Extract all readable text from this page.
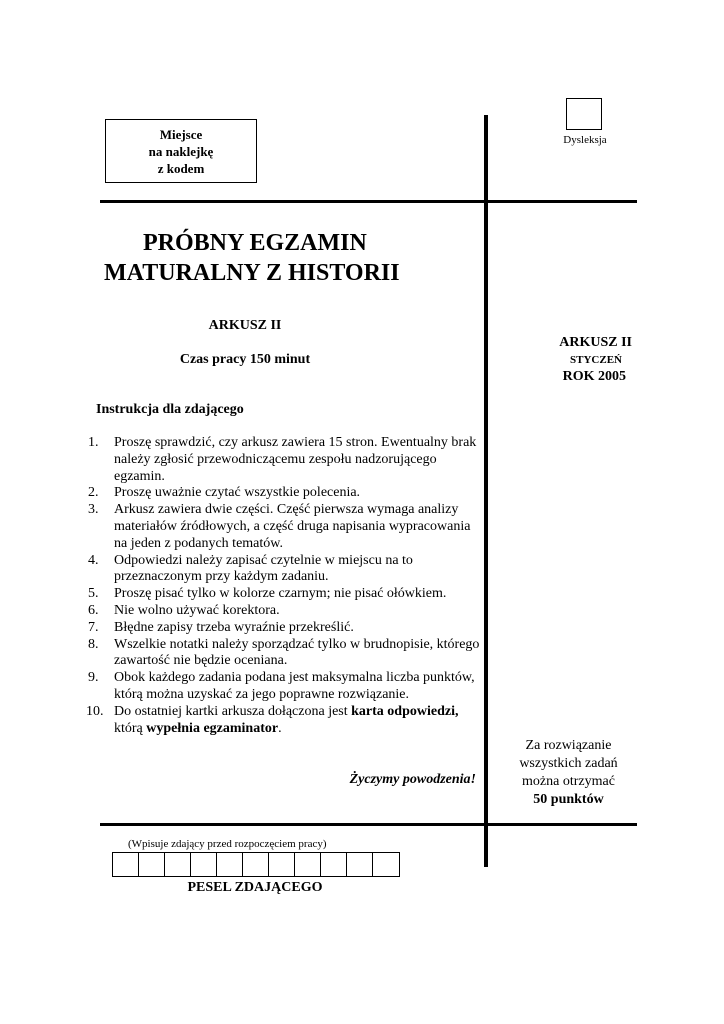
Miejsce
na naklejkę
z kodem
Dysleksja
PRÓBNY EGZAMIN
MATURALNY Z HISTORII
ARKUSZ II
Czas pracy 150 minut
Instrukcja dla zdającego
1. Proszę sprawdzić, czy arkusz zawiera 15 stron. Ewentualny brak należy zgłosić przewodniczącemu zespołu nadzorującego egzamin.
2. Proszę uważnie czytać wszystkie polecenia.
3. Arkusz zawiera dwie części. Część pierwsza wymaga analizy materiałów źródłowych, a część druga napisania wypracowania na jeden z podanych tematów.
4. Odpowiedzi należy zapisać czytelnie w miejscu na to przeznaczonym przy każdym zadaniu.
5. Proszę pisać tylko w kolorze czarnym; nie pisać ołówkiem.
6. Nie wolno używać korektora.
7. Błędne zapisy trzeba wyraźnie przekreślić.
8. Wszelkie notatki należy sporządzać tylko w brudnopisie, którego zawartość nie będzie oceniana.
9. Obok każdego zadania podana jest maksymalna liczba punktów, którą można uzyskać za jego poprawne rozwiązanie.
10. Do ostatniej kartki arkusza dołączona jest karta odpowiedzi, którą wypełnia egzaminator.
Życzymy powodzenia!
ARKUSZ II
STYCZEŃ
ROK 2005
Za rozwiązanie
wszystkich zadań
można otrzymać
50 punktów
(Wpisuje zdający przed rozpoczęciem pracy)
PESEL ZDAJĄCEGO
